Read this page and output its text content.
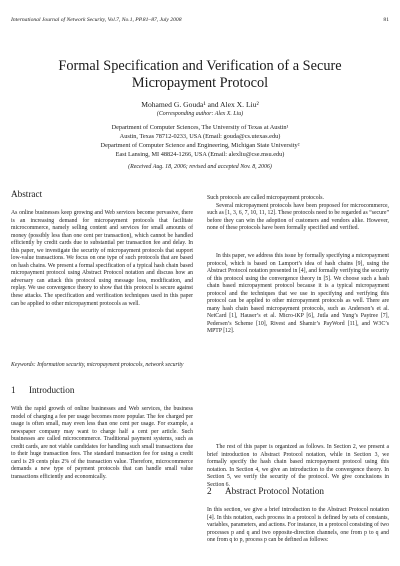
International Journal of Network Security, Vol.7, No.1, PP.81–87, July 2008	81
Formal Specification and Verification of a Secure
Micropayment Protocol
Mohamed G. Gouda¹ and Alex X. Liu²
(Corresponding author: Alex X. Liu)
Department of Computer Sciences, The University of Texas at Austin¹
Austin, Texas 78712-0233, USA (Email: gouda@cs.utexas.edu)
Department of Computer Science and Engineering, Michigan State University²
East Lansing, MI 48824-1266, USA (Email: alexliu@cse.msu.edu)
(Received Aug. 18, 2006; revised and accepted Nov. 8, 2006)
Abstract

As online businesses keep growing and Web services become pervasive, there is an increasing demand for micropayment protocols that facilitate microcommerce, namely selling content and services for small amounts of money (possibly less than one cent per transaction), which cannot be handled efficiently by credit cards due to substantial per transaction fee and delay. In this paper, we investigate the security of micropayment protocols that support low-value transactions. We focus on one type of such protocols that are based on hash chains. We present a formal specification of a typical hash chain based micropayment protocol using Abstract Protocol notation and discuss how an adversary can attack this protocol using message loss, modification, and replay. We use convergence theory to show that this protocol is secure against these attacks. The specification and verification techniques used in this paper can be applied to other micropayment protocols as well.

Keywords: Information security, micropayment protocols, network security

1 Introduction

With the rapid growth of online businesses and Web services, the business model of charging a fee per usage becomes more popular. The fee charged per usage is often small, may even less than one cent per usage. For example, a newspaper company may want to charge half a cent per article. Such businesses are called microcommerce. Traditional payment systems, such as credit cards, are not viable candidates for handling such small transactions due to their huge transaction fees. The standard transaction fee for using a credit card is 29 cents plus 2% of the transaction value. Therefore, microcommerce demands a new type of payment protocols that can handle small value transactions efficiently and economically.

Such protocols are called micropayment protocols.

Several micropayment protocols have been proposed for microcommerce, such as [1, 3, 6, 7, 10, 11, 12]. These protocols need to be regarded as “secure” before they can win the adoption of customers and vendors alike. However, none of these protocols have been formally specified and verified.

In this paper, we address this issue by formally specifying a micropayment protocol, which is based on Lamport’s idea of hash chains [9], using the Abstract Protocol notation presented in [4], and formally verifying the security of this protocol using the convergence theory in [5]. We choose such a hash chain based micropayment protocol because it is a typical micropayment protocol and the techniques that we use in specifying and verifying this protocol can be applied to other micropayment protocols as well. There are many hash chain based micropayment protocols, such as Anderson’s et al. NetCard [1], Hauser’s et al. Micro-iKP [6], Jutla and Yung’s Paytree [7], Pedersen’s Scheme [10], Rivest and Shamir’s PayWord [11], and W3C’s MPTP [12].

The rest of this paper is organized as follows. In Section 2, we present a brief introduction to Abstract Protocol notation, while in Section 3, we formally specify the hash chain based micropayment protocol using this notation. In Section 4, we give an introduction to the convergence theory. In Section 5, we verify the security of the protocol. We give conclusions in Section 6.

2 Abstract Protocol Notation

In this section, we give a brief introduction to the Abstract Protocol notation [4]. In this notation, each process in a protocol is defined by sets of constants, variables, parameters, and actions. For instance, in a protocol consisting of two processes p and q and two opposite-direction channels, one from p to q and one from q to p, process p can be defined as follows:
